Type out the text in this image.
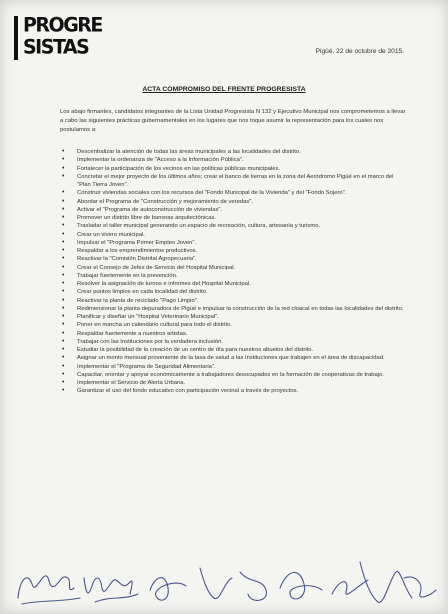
PROGRE
SISTAS	Pigüé, 22 de octubre de 2015.
ACTA COMPROMISO DEL FRENTE PROGRESISTA
Los abajo firmantes, candidatos integrantes de la Lista Unidad Progresista N 132 y Ejecutivo Municipal nos comprometemos a llevar a cabo las siguientes prácticas gubernamentales en los lugares que nos toque asumir la representación para los cuales nos postulamos a:
• Descentralizar la atención de todas las áreas municipales a las localidades del distrito.
• Implementar la ordenanza de "Acceso a la Información Pública".
• Fortalecer la participación de los vecinos en las políticas públicas municipales.
• Concretar el mejor proyecto de los últimos años; crear el banco de tierras en la zona del Aeródromo Pigüé en el marco del "Plan Tierra Joven".
• Construir viviendas sociales con los recursos del "Fondo Municipal de la Vivienda" y del "Fondo Sojero".
• Abordar el Programa de "Construcción y mejoramiento de veredas".
• Activar el "Programa de autoconstrucción de viviendas".
• Promover un distrito libre de barreras arquitectónicas.
• Trasladar el taller municipal generando un espacio de recreación, cultura, artesanía y turismo.
• Crear un vivero municipal.
• Impulsar el "Programa Primer Empleo Joven".
• Respaldar a los emprendimientos productivos.
• Reactivar la "Comisión Distrital Agropecuaria".
• Crear el Consejo de Jefes de Servicio del Hospital Municipal.
• Trabajar fuertemente en la prevención.
• Resolver la asignación de turnos e informes del Hospital Municipal.
• Crear puntos limpios en cada localidad del distrito.
• Reactivar la planta de reciclado "Pago Limpio".
• Redimensionar la planta depuradora de Pigüé e impulsar la construcción de la red cloacal en todas las localidades del distrito.
• Planificar y diseñar un "Hospital Veterinario Municipal".
• Poner en marcha un calendario cultural para todo el distrito.
• Respaldar fuertemente a nuestros artistas.
• Trabajar con las Instituciones por la verdadera inclusión.
• Estudiar la posibilidad de la creación de un centro de día para nuestros abuelos del distrito.
• Asignar un monto mensual proveniente de la tasa de salud a las Instituciones que trabajen en el área de discapacidad.
• Implementar el "Programa de Seguridad Alimentaria".
• Capacitar, orientar y apoyar económicamente a trabajadores desocupados en la formación de cooperativas de trabajo.
• Implementar el Servicio de Alerta Urbana.
• Garantizar el uso del fondo educativo con participación vecinal a través de proyectos.
